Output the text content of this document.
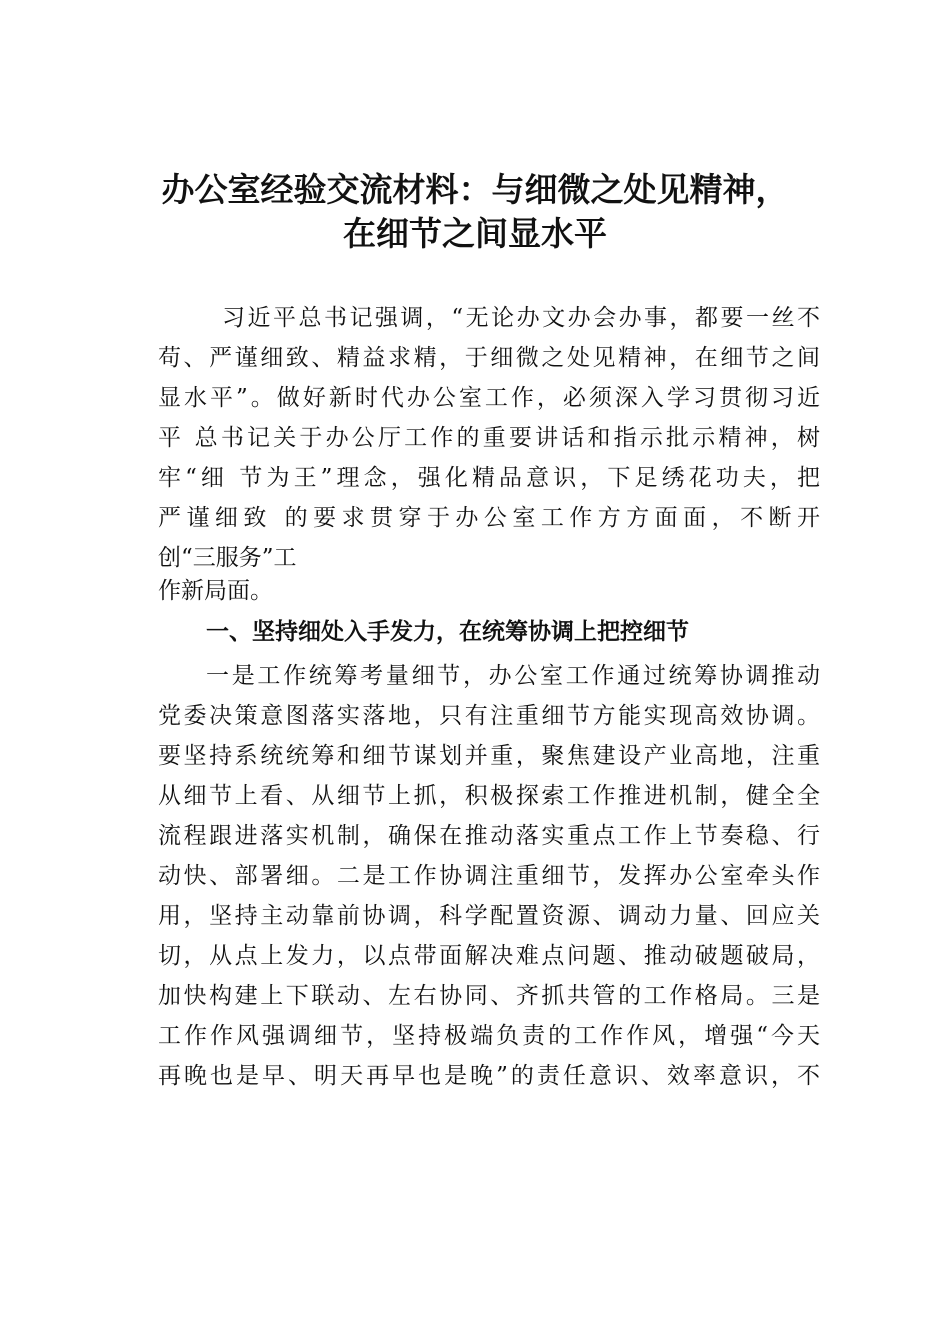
办公室经验交流材料：与细微之处见精神，
在细节之间显水平
习近平总书记强调，“无论办文办会办事，都要一丝不
苟、严谨细致、精益求精，于细微之处见精神，在细节之间
显水平”。做好新时代办公室工作，必须深入学习贯彻习近
平 总书记关于办公厅工作的重要讲话和指示批示精神，树
牢“细 节为王”理念，强化精品意识，下足绣花功夫，把
严谨细致 的要求贯穿于办公室工作方方面面，不断开
创“三服务”工
作新局面。
一、坚持细处入手发力，在统筹协调上把控细节
一是工作统筹考量细节，办公室工作通过统筹协调推动
党委决策意图落实落地，只有注重细节方能实现高效协调。
要坚持系统统筹和细节谋划并重，聚焦建设产业高地，注重
从细节上看、从细节上抓，积极探索工作推进机制，健全全
流程跟进落实机制，确保在推动落实重点工作上节奏稳、行
动快、部署细。二是工作协调注重细节，发挥办公室牵头作
用，坚持主动靠前协调，科学配置资源、调动力量、回应关
切，从点上发力，以点带面解决难点问题、推动破题破局，
加快构建上下联动、左右协同、齐抓共管的工作格局。三是
工作作风强调细节，坚持极端负责的工作作风，增强“今天
再晚也是早、明天再早也是晚”的责任意识、效率意识，不
